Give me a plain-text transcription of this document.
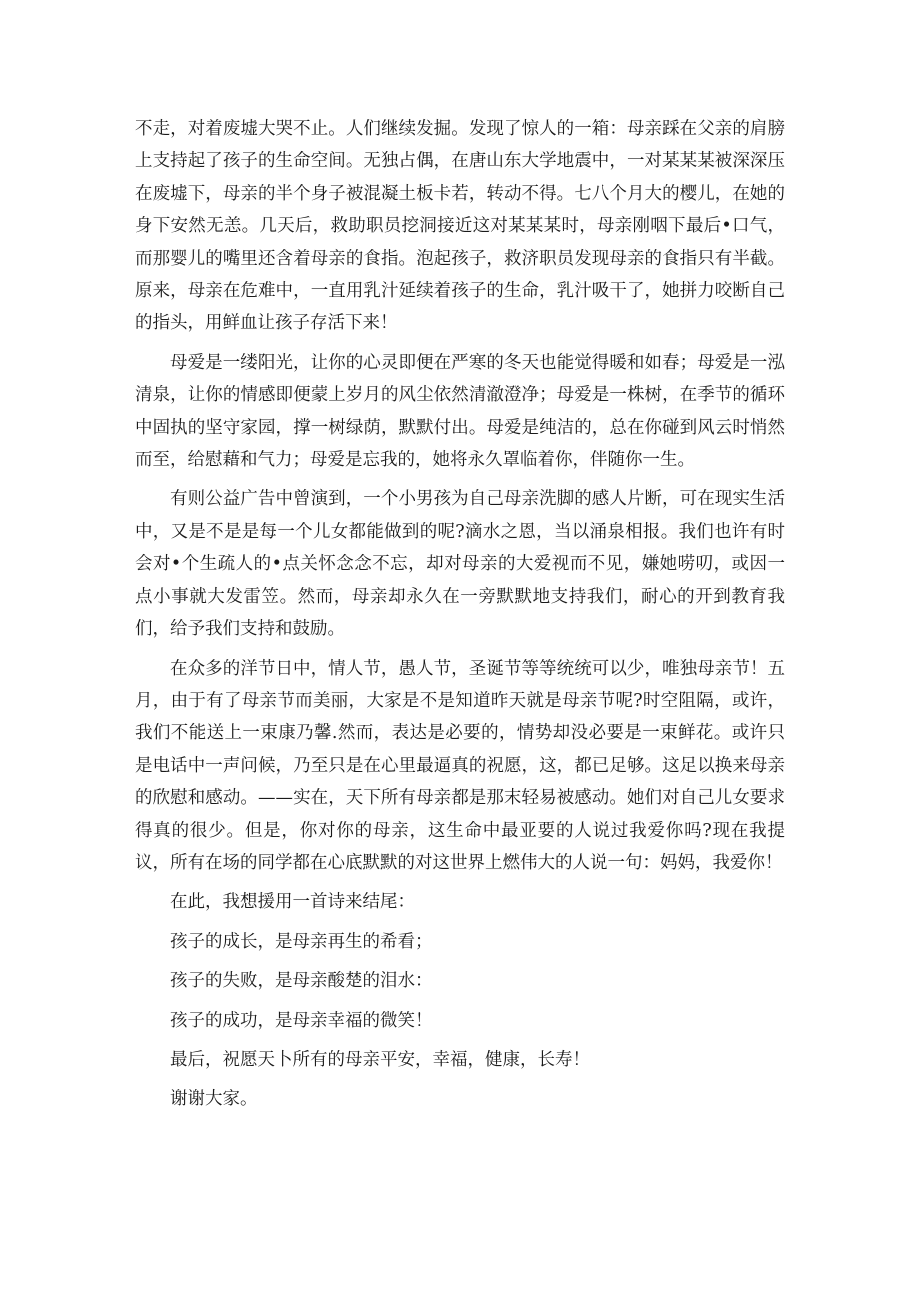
不走，对着废墟大哭不止。人们继续发掘。发现了惊人的一箱：母亲踩在父亲的肩膀上支持起了孩子的生命空间。无独占偶，在唐山东大学地震中，一对某某某被深深压在废墟下，母亲的半个身子被混凝土板卡若，转动不得。七八个月大的樱儿，在她的身下安然无恙。几天后，救助职员挖洞接近这对某某某时，母亲刚咽下最后•口气，而那婴儿的嘴里还含着母亲的食指。泡起孩子，救济职员发现母亲的食指只有半截。原来，母亲在危难中，一直用乳汁延续着孩子的生命，乳汁吸干了，她拼力咬断自己的指头，用鲜血让孩子存活下来！

母爱是一缕阳光，让你的心灵即便在严寒的冬天也能觉得暖和如春；母爱是一泓清泉，让你的情感即便蒙上岁月的风尘依然清澈澄净；母爱是一株树，在季节的循环中固执的坚守家园，撑一树绿荫，默默付出。母爱是纯洁的，总在你碰到风云时悄然而至，给慰藉和气力；母爱是忘我的，她将永久罩临着你，伴随你一生。

有则公益广告中曾演到，一个小男孩为自己母亲洗脚的感人片断，可在现实生活中，又是不是是每一个儿女都能做到的呢?滴水之恩，当以涌泉相报。我们也许有时会对•个生疏人的•点关怀念念不忘，却对母亲的大爱视而不见，嫌她唠叨，或因一点小事就大发雷笠。然而，母亲却永久在一旁默默地支持我们，耐心的开到教育我们，给予我们支持和鼓励。

在众多的洋节日中，情人节，愚人节，圣诞节等等统统可以少，唯独母亲节！五月，由于有了母亲节而美丽，大家是不是知道昨天就是母亲节呢?时空阻隔，或许，我们不能送上一束康乃馨.然而，表达是必要的，情势却没必要是一束鲜花。或许只是电话中一声问候，乃至只是在心里最逼真的祝愿，这，都已足够。这足以换来母亲的欣慰和感动。——实在，天下所有母亲都是那末轻易被感动。她们对自己儿女要求得真的很少。但是，你对你的母亲，这生命中最亚要的人说过我爱你吗?现在我提议，所有在场的同学都在心底默默的对这世界上燃伟大的人说一句：妈妈，我爱你！

在此，我想援用一首诗来结尾：

孩子的成长，是母亲再生的希看；

孩子的失败，是母亲酸楚的泪水：

孩子的成功，是母亲幸福的微笑！

最后，祝愿天卜所有的母亲平安，幸福，健康，长寿！

谢谢大家。
